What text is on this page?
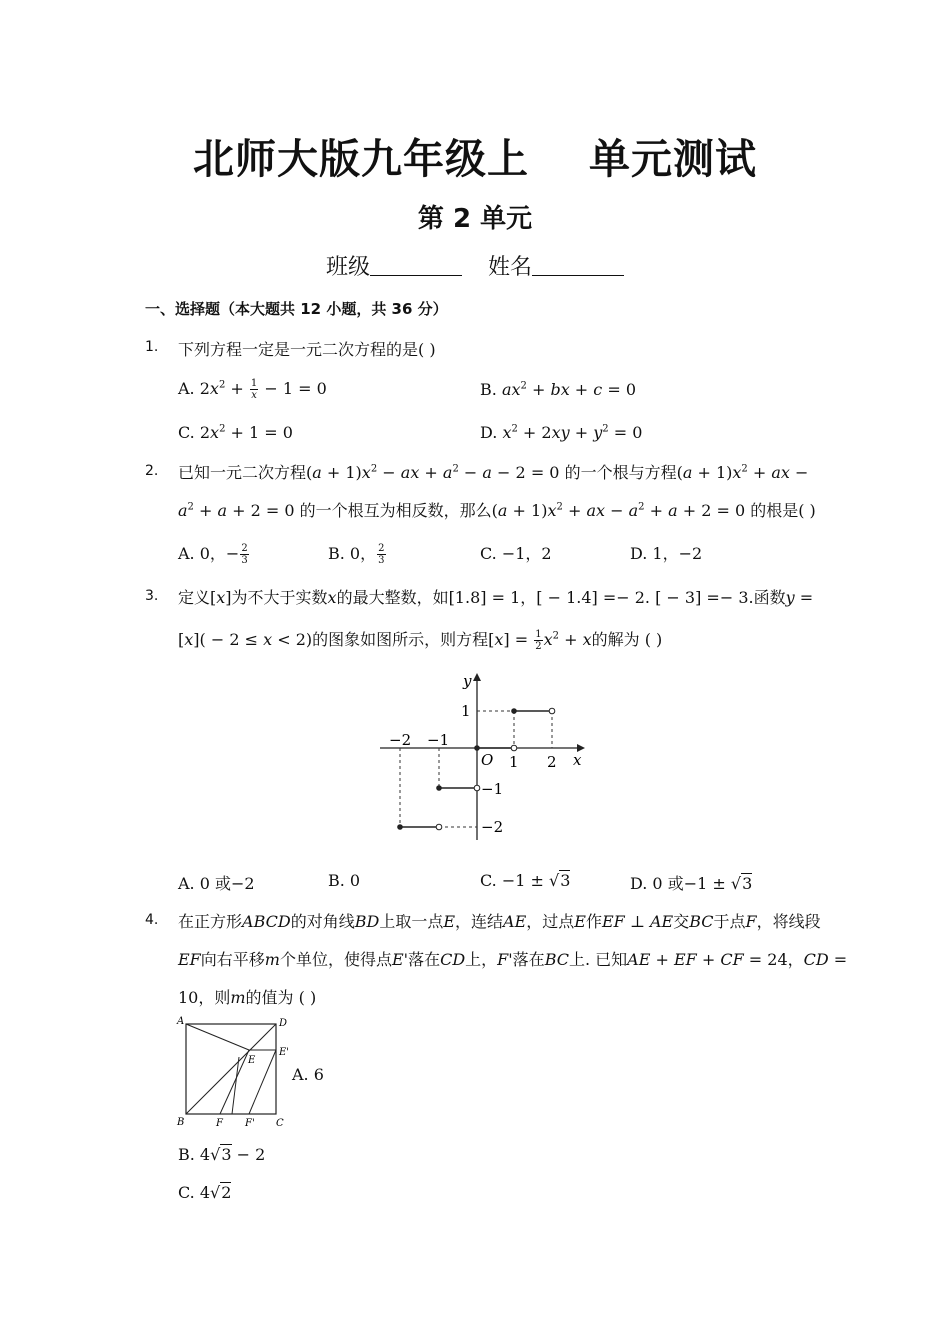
北师大版九年级上 单元测试
第 2 单元
班级	姓名
一、选择题（本大题共 12 小题，共 36 分）
1. 下列方程一定是一元二次方程的是( )
A. $2x^2 + \frac{1}{x} - 1 = 0$	B. $ax^2$ + bx + c = 0
C. $2x^2 + 1 = 0$	D. $x^2 + 2xy + y^2 = 0$
2. 已知一元二次方程$(a + 1)x^2$ − ax + $a^2 - a - 2 = 0$ 的一个根与方程$(a + 1)x^2$ + ax −
$a^2 + a + 2 = 0$ 的一个根互为相反数，那么$(a + 1)x^2$ + ax − $a^2 + a + 2 = 0$ 的根是( )
A. 0，− $\frac{2}{3}$	B. 0， $\frac{2}{3}$	C. −1，2	D. 1，−2
3. 定义[x]为不大于实数x的最大整数，如[1.8] = 1，[ − 1.4] =− 2. [ − 3] =− 3.函数y =
[x]( − 2 ≤ x < 2)的图象如图所示，则方程$[x] = \frac{1}{2} x^2 + x$的解为 ( )
y
x
O
−2 −1
1 2
1
−1
−2
A. 0 或−2	B. 0	C. −1 ± √3	D. 0 或−1 ± √3
4. 在正方形ABCD的对角线BD上取一点E，连结AE，过点E作EF ⊥ AE交BC于点F，将线段
EF向右平移m个单位，使得点E'落在CD上，F'落在BC上. 已知AE + EF + CF = 24，CD =
10，则m的值为 ( )
A	D
B	C
E
E'
F F'
A. 6
B. 4√3 − 2
C. 4√2
